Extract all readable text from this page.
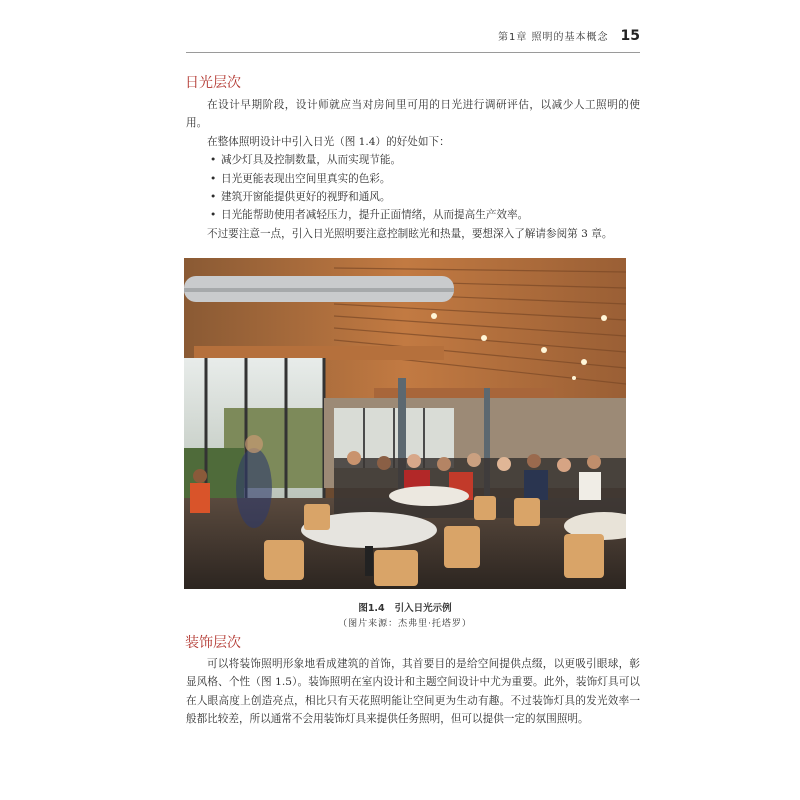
第1章 照明的基本概念 15
日光层次

在设计早期阶段，设计师就应当对房间里可用的日光进行调研评估，以减少人工照明的使用。

在整体照明设计中引入日光（图 1.4）的好处如下：

• 减少灯具及控制数量，从而实现节能。
• 日光更能表现出空间里真实的色彩。
• 建筑开窗能提供更好的视野和通风。
• 日光能帮助使用者减轻压力，提升正面情绪，从而提高生产效率。

不过要注意一点，引入日光照明要注意控制眩光和热量，要想深入了解请参阅第 3 章。

图1.4 引入日光示例
（图片来源：杰弗里·托塔罗）
装饰层次

可以将装饰照明形象地看成建筑的首饰，其首要目的是给空间提供点缀，以更吸引眼球，彰显风格、个性（图 1.5）。装饰照明在室内设计和主题空间设计中尤为重要。此外，装饰灯具可以在人眼高度上创造亮点，相比只有天花照明能让空间更为生动有趣。不过装饰灯具的发光效率一般都比较差，所以通常不会用装饰灯具来提供任务照明，但可以提供一定的氛围照明。
